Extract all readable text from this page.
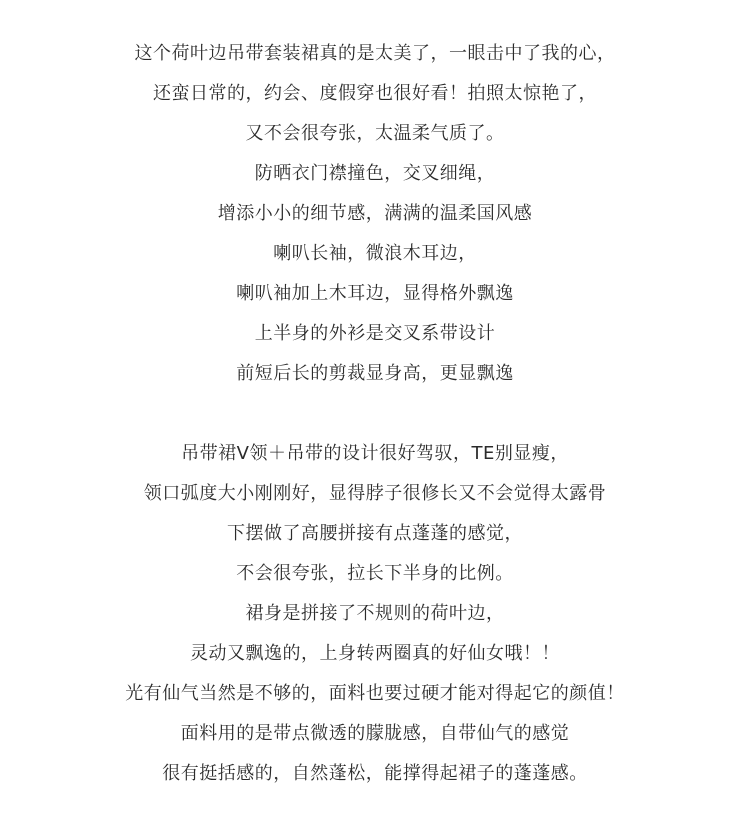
这个荷叶边吊带套装裙真的是太美了，一眼击中了我的心，
还蛮日常的，约会、度假穿也很好看！拍照太惊艳了，
又不会很夸张，太温柔气质了。
防晒衣门襟撞色，交叉细绳，
增添小小的细节感，满满的温柔国风感
喇叭长袖，微浪木耳边，
喇叭袖加上木耳边，显得格外飘逸
上半身的外衫是交叉系带设计
前短后长的剪裁显身高，更显飘逸
吊带裙V领＋吊带的设计很好驾驭，TE别显瘦，
领口弧度大小刚刚好，显得脖子很修长又不会觉得太露骨
下摆做了高腰拼接有点蓬蓬的感觉，
不会很夸张，拉长下半身的比例。
裙身是拼接了不规则的荷叶边，
灵动又飘逸的，上身转两圈真的好仙女哦！！
光有仙气当然是不够的，面料也要过硬才能对得起它的颜值！
面料用的是带点微透的朦胧感，自带仙气的感觉
很有挺括感的，自然蓬松，能撑得起裙子的蓬蓬感。
